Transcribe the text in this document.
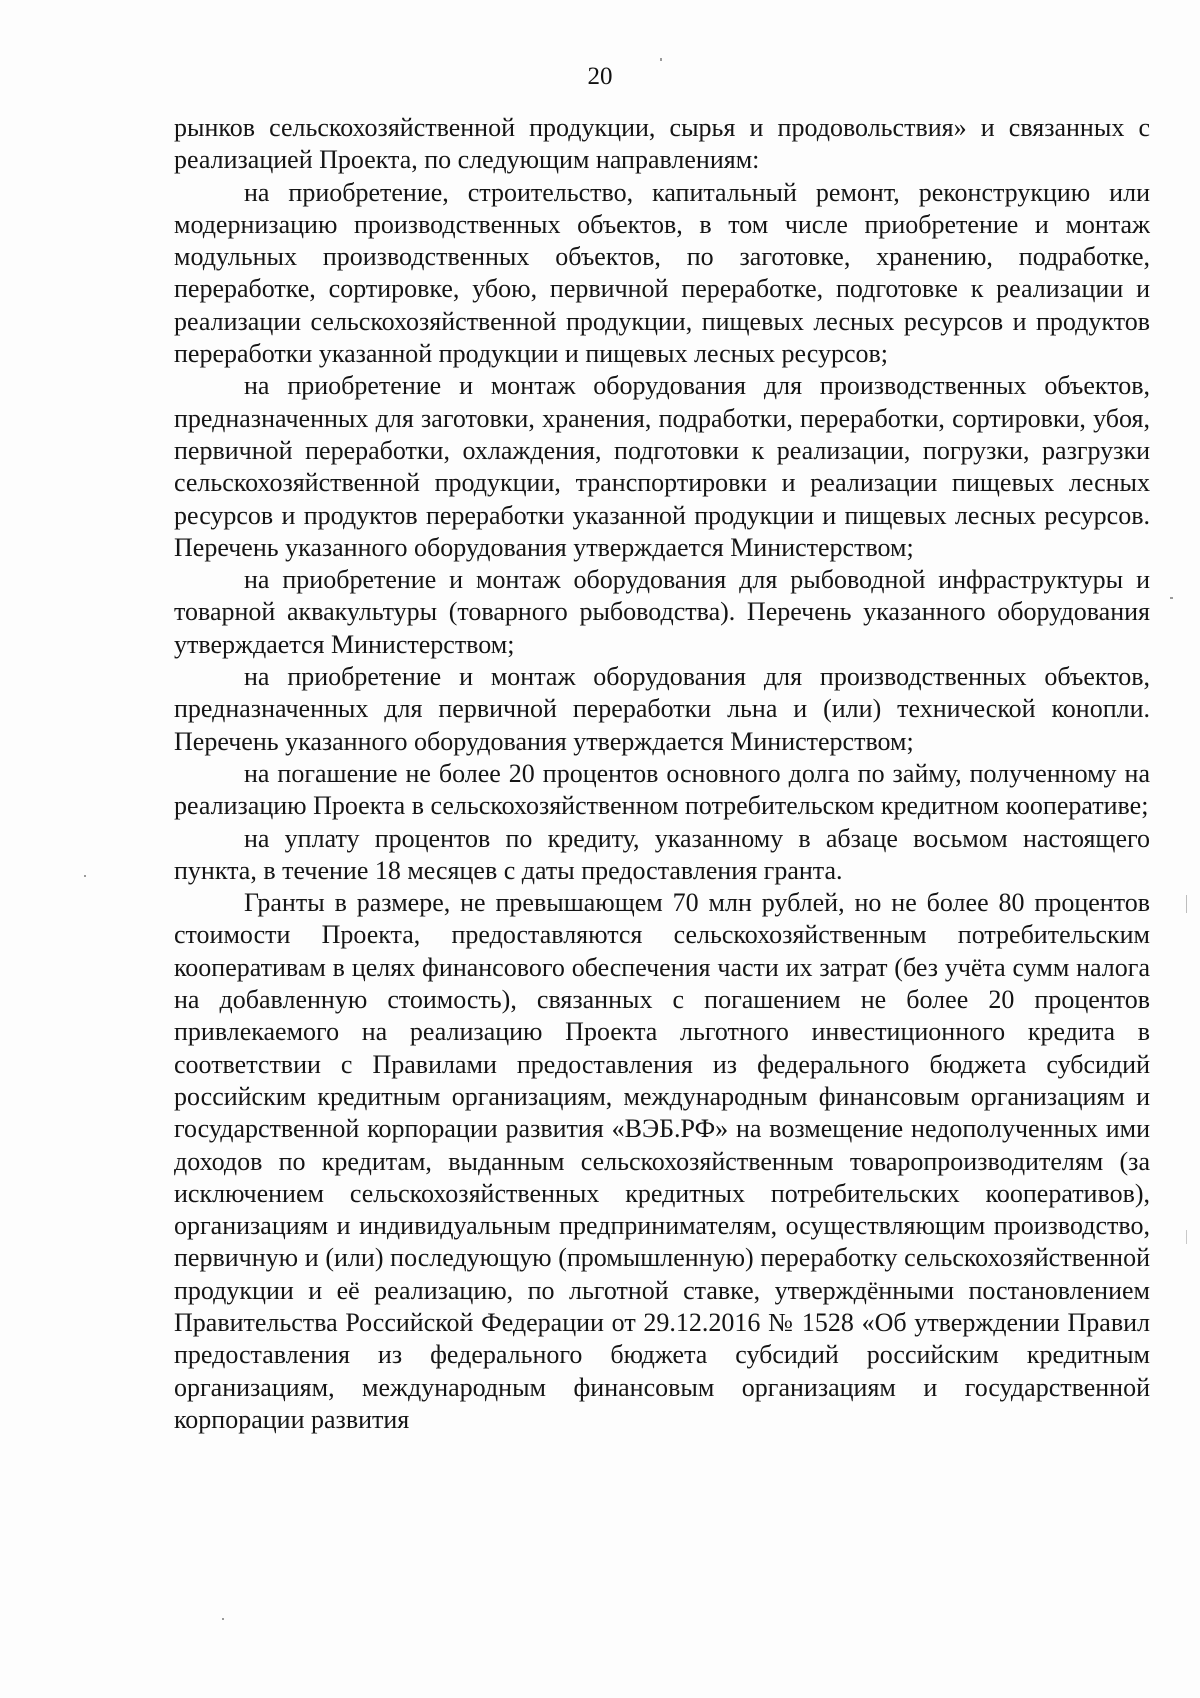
20

рынков сельскохозяйственной продукции, сырья и продовольствия» и связанных с реализацией Проекта, по следующим направлениям:

на приобретение, строительство, капитальный ремонт, реконструкцию или модернизацию производственных объектов, в том числе приобретение и монтаж модульных производственных объектов, по заготовке, хранению, подработке, переработке, сортировке, убою, первичной переработке, подготовке к реализации и реализации сельскохозяйственной продукции, пищевых лесных ресурсов и продуктов переработки указанной продукции и пищевых лесных ресурсов;

на приобретение и монтаж оборудования для производственных объектов, предназначенных для заготовки, хранения, подработки, переработки, сортировки, убоя, первичной переработки, охлаждения, подготовки к реализации, погрузки, разгрузки сельскохозяйственной продукции, транспортировки и реализации пищевых лесных ресурсов и продуктов переработки указанной продукции и пищевых лесных ресурсов. Перечень указанного оборудования утверждается Министерством;

на приобретение и монтаж оборудования для рыбоводной инфраструктуры и товарной аквакультуры (товарного рыбоводства). Перечень указанного оборудования утверждается Министерством;

на приобретение и монтаж оборудования для производственных объектов, предназначенных для первичной переработки льна и (или) технической конопли. Перечень указанного оборудования утверждается Министерством;

на погашение не более 20 процентов основного долга по займу, полученному на реализацию Проекта в сельскохозяйственном потребительском кредитном кооперативе;

на уплату процентов по кредиту, указанному в абзаце восьмом настоящего пункта, в течение 18 месяцев с даты предоставления гранта.

Гранты в размере, не превышающем 70 млн рублей, но не более 80 процентов стоимости Проекта, предоставляются сельскохозяйственным потребительским кооперативам в целях финансового обеспечения части их затрат (без учёта сумм налога на добавленную стоимость), связанных с погашением не более 20 процентов привлекаемого на реализацию Проекта льготного инвестиционного кредита в соответствии с Правилами предоставления из федерального бюджета субсидий российским кредитным организациям, международным финансовым организациям и государственной корпорации развития «ВЭБ.РФ» на возмещение недополученных ими доходов по кредитам, выданным сельскохозяйственным товаропроизводителям (за исключением сельскохозяйственных кредитных потребительских кооперативов), организациям и индивидуальным предпринимателям, осуществляющим производство, первичную и (или) последующую (промышленную) переработку сельскохозяйственной продукции и её реализацию, по льготной ставке, утверждёнными постановлением Правительства Российской Федерации от 29.12.2016 № 1528 «Об утверждении Правил предоставления из федерального бюджета субсидий российским кредитным организациям, международным финансовым организациям и государственной корпорации развития
